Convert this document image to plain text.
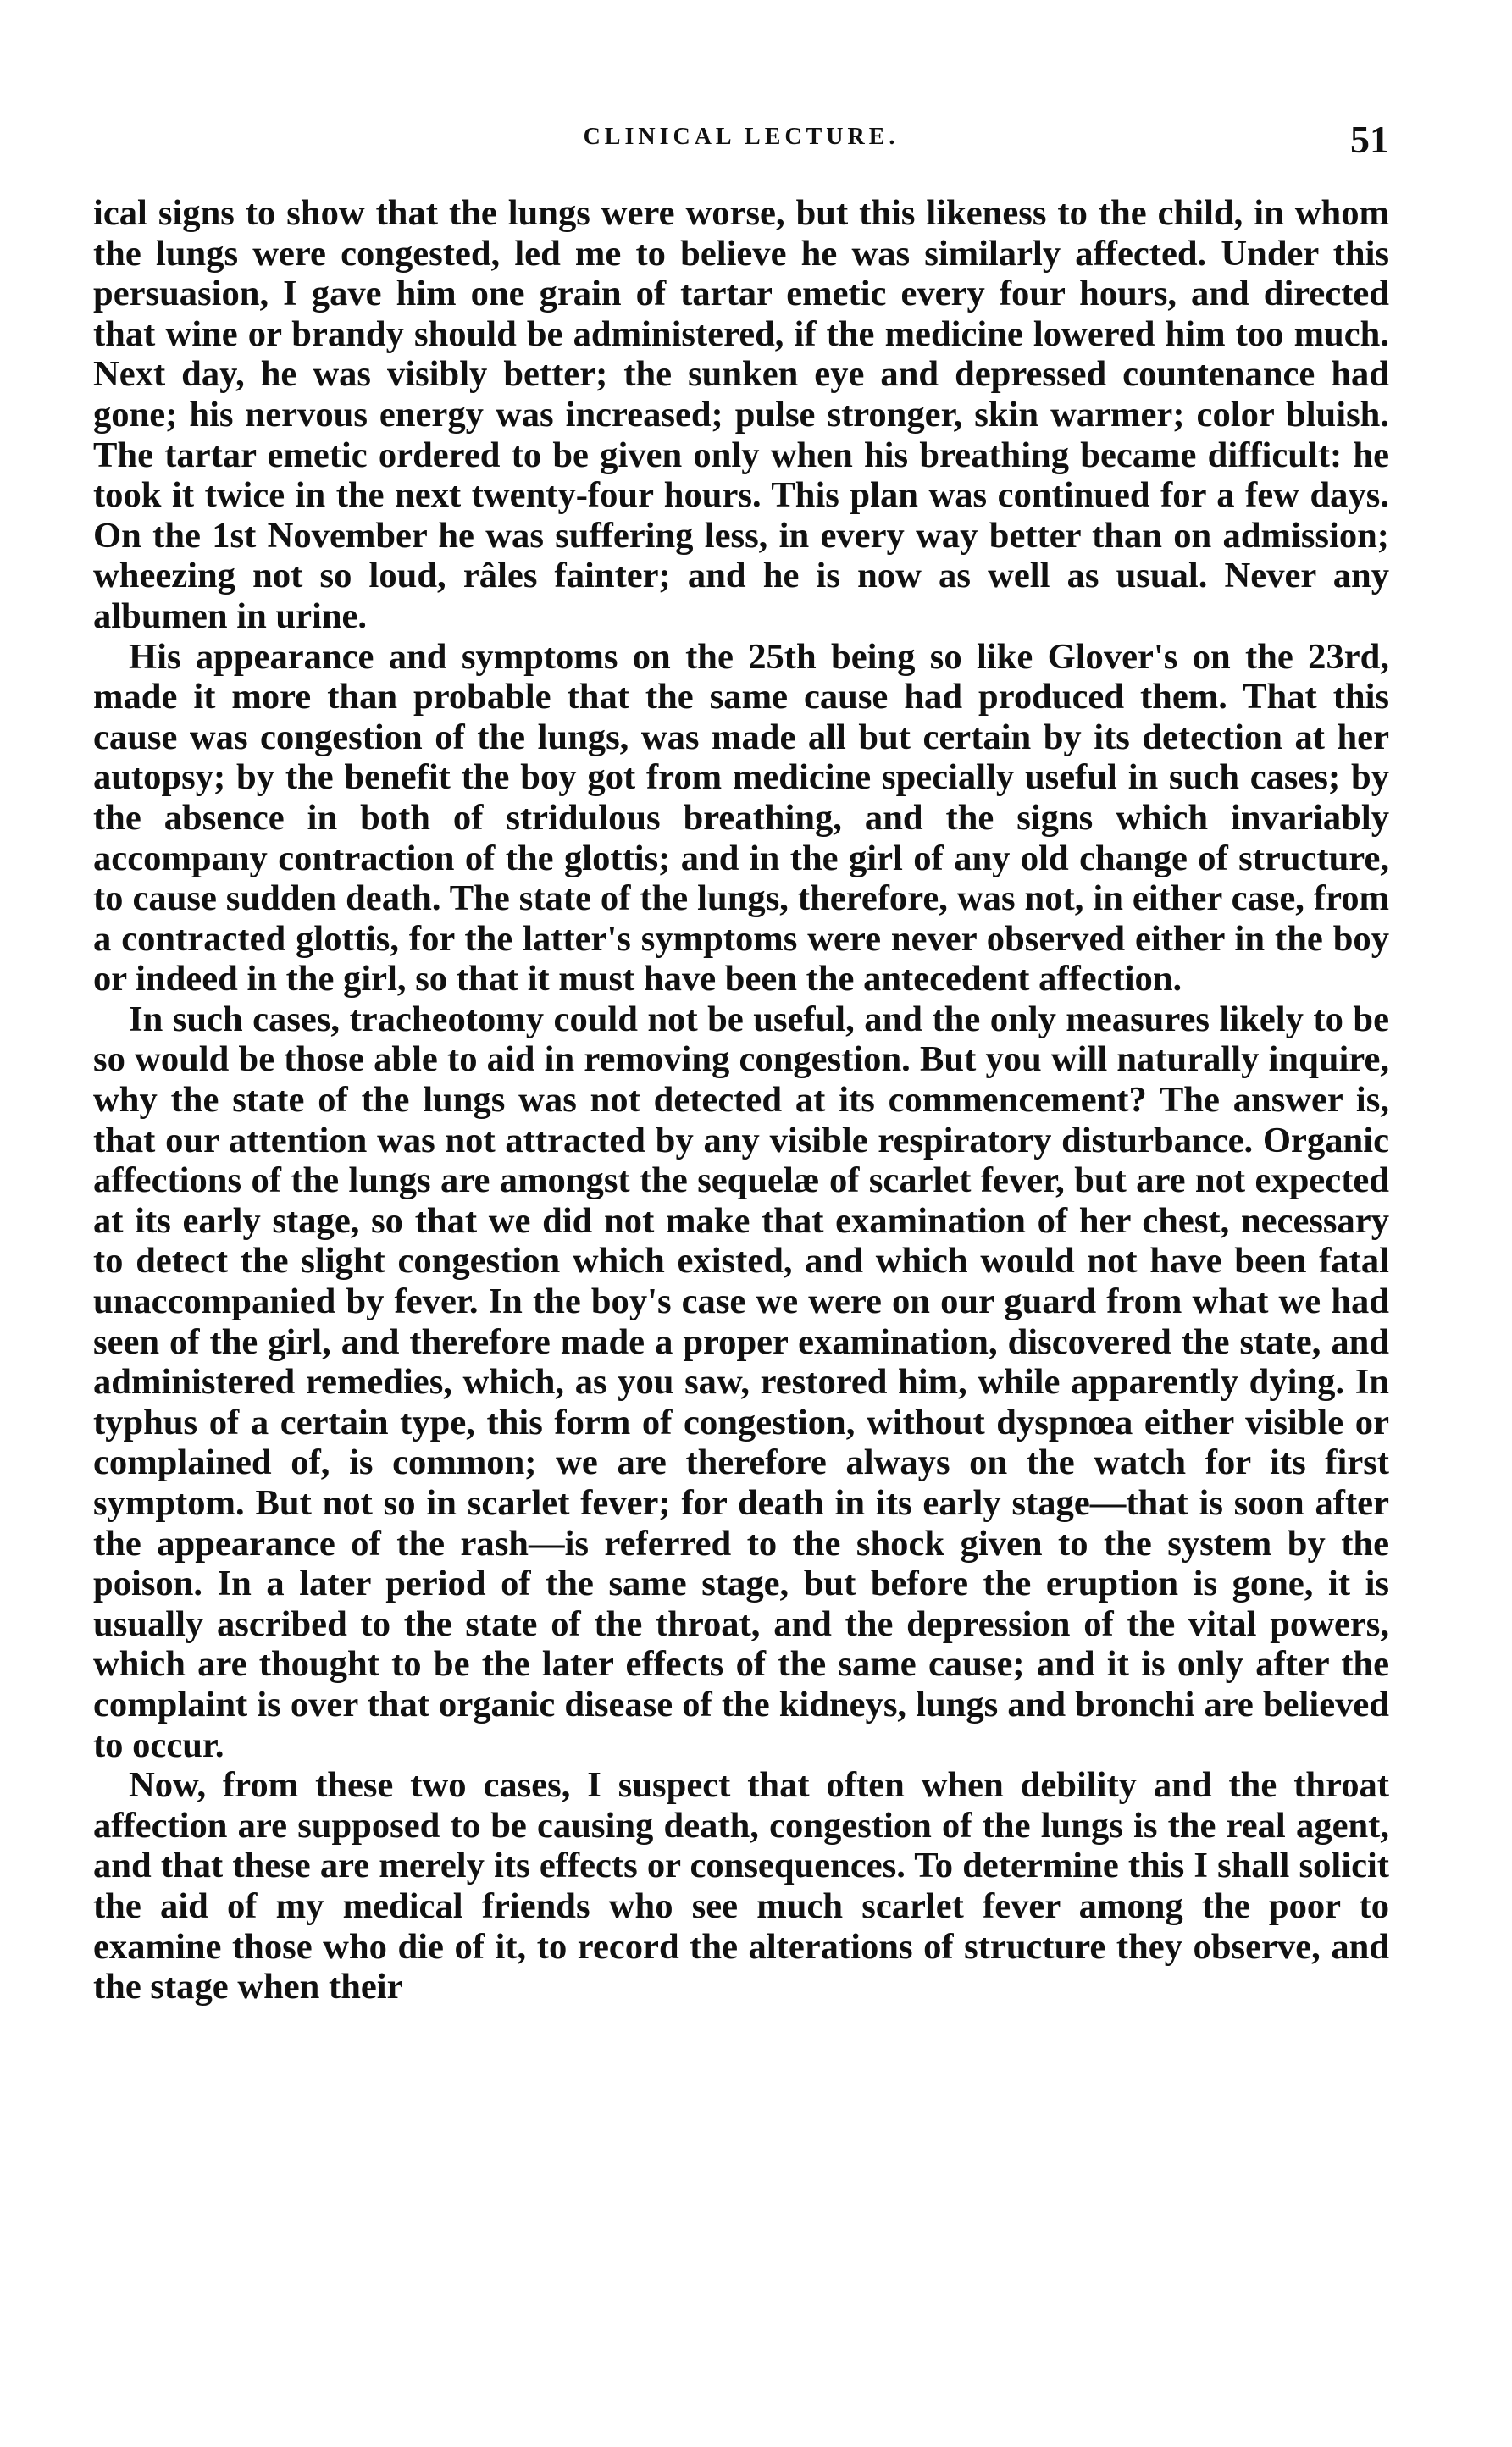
CLINICAL LECTURE.	51

ical signs to show that the lungs were worse, but this likeness to the child, in whom the lungs were congested, led me to believe he was similarly affected. Under this persuasion, I gave him one grain of tartar emetic every four hours, and directed that wine or brandy should be administered, if the medicine lowered him too much. Next day, he was visibly better; the sunken eye and depressed countenance had gone; his nervous energy was increased; pulse stronger, skin warmer; color bluish. The tartar emetic ordered to be given only when his breathing became difficult: he took it twice in the next twenty-four hours. This plan was continued for a few days. On the 1st November he was suffering less, in every way better than on admission; wheezing not so loud, râles fainter; and he is now as well as usual. Never any albumen in urine.

His appearance and symptoms on the 25th being so like Glover's on the 23rd, made it more than probable that the same cause had produced them. That this cause was congestion of the lungs, was made all but certain by its detection at her autopsy; by the benefit the boy got from medicine specially useful in such cases; by the absence in both of stridulous breathing, and the signs which invariably accompany contraction of the glottis; and in the girl of any old change of structure, to cause sudden death. The state of the lungs, therefore, was not, in either case, from a contracted glottis, for the latter's symptoms were never observed either in the boy or indeed in the girl, so that it must have been the antecedent affection.

In such cases, tracheotomy could not be useful, and the only measures likely to be so would be those able to aid in removing congestion. But you will naturally inquire, why the state of the lungs was not detected at its commencement? The answer is, that our attention was not attracted by any visible respiratory disturbance. Organic affections of the lungs are amongst the sequelæ of scarlet fever, but are not expected at its early stage, so that we did not make that examination of her chest, necessary to detect the slight congestion which existed, and which would not have been fatal unaccompanied by fever. In the boy's case we were on our guard from what we had seen of the girl, and therefore made a proper examination, discovered the state, and administered remedies, which, as you saw, restored him, while apparently dying. In typhus of a certain type, this form of congestion, without dyspnœa either visible or complained of, is common; we are therefore always on the watch for its first symptom. But not so in scarlet fever; for death in its early stage—that is soon after the appearance of the rash—is referred to the shock given to the system by the poison. In a later period of the same stage, but before the eruption is gone, it is usually ascribed to the state of the throat, and the depression of the vital powers, which are thought to be the later effects of the same cause; and it is only after the complaint is over that organic disease of the kidneys, lungs and bronchi are believed to occur.

Now, from these two cases, I suspect that often when debility and the throat affection are supposed to be causing death, congestion of the lungs is the real agent, and that these are merely its effects or consequences. To determine this I shall solicit the aid of my medical friends who see much scarlet fever among the poor to examine those who die of it, to record the alterations of structure they observe, and the stage when their
